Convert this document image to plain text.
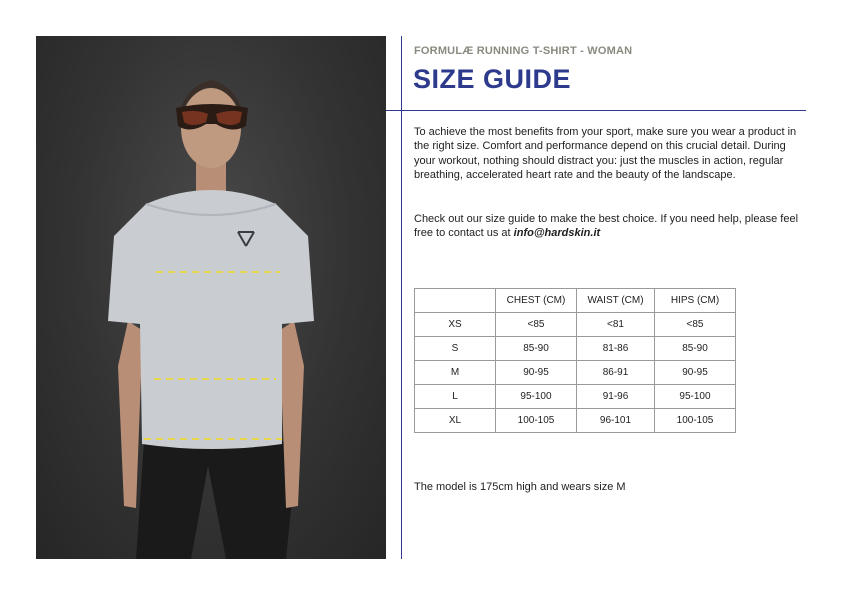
FORMULÆ RUNNING T-SHIRT - WOMAN
SIZE GUIDE

To achieve the most benefits from your sport, make sure you wear a product in the right size. Comfort and performance depend on this crucial detail. During your workout, nothing should distract you: just the muscles in action, regular breathing, accelerated heart rate and the beauty of the landscape.

Check out our size guide to make the best choice. If you need help, please feel free to contact us at info@hardskin.it

	CHEST (CM)	WAIST (CM)	HIPS (CM)
XS	<85	<81	<85
S	85-90	81-86	85-90
M	90-95	86-91	90-95
L	95-100	91-96	95-100
XL	100-105	96-101	100-105
The model is 175cm high and wears size M
